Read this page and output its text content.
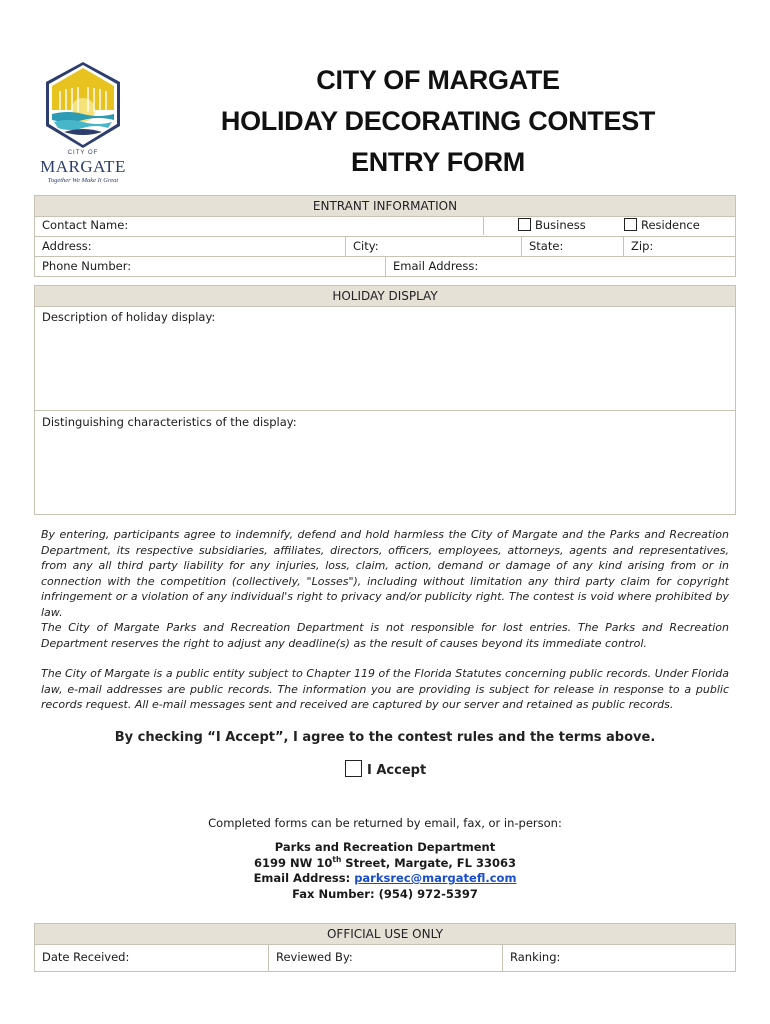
CITY OF
MARGATE
Together We Make It Great
CITY OF MARGATE
HOLIDAY DECORATING CONTEST
ENTRY FORM
ENTRANT INFORMATION
Contact Name:	Business	Residence
Address:	City:	State:	Zip:
Phone Number:	Email Address:
HOLIDAY DISPLAY
Description of holiday display:
Distinguishing characteristics of the display:
By entering, participants agree to indemnify, defend and hold harmless the City of Margate and the Parks and Recreation Department, its respective subsidiaries, affiliates, directors, officers, employees, attorneys, agents and representatives, from any all third party liability for any injuries, loss, claim, action, demand or damage of any kind arising from or in connection with the competition (collectively, "Losses"), including without limitation any third party claim for copyright infringement or a violation of any individual's right to privacy and/or publicity right. The contest is void where prohibited by law.
The City of Margate Parks and Recreation Department is not responsible for lost entries. The Parks and Recreation Department reserves the right to adjust any deadline(s) as the result of causes beyond its immediate control.
The City of Margate is a public entity subject to Chapter 119 of the Florida Statutes concerning public records. Under Florida law, e-mail addresses are public records. The information you are providing is subject for release in response to a public records request. All e-mail messages sent and received are captured by our server and retained as public records.
By checking “I Accept”, I agree to the contest rules and the terms above.
I Accept
Completed forms can be returned by email, fax, or in-person:
Parks and Recreation Department
6199 NW 10th Street, Margate, FL 33063
Email Address: parksrec@margatefl.com
Fax Number: (954) 972-5397
OFFICIAL USE ONLY
Date Received:	Reviewed By:	Ranking:
